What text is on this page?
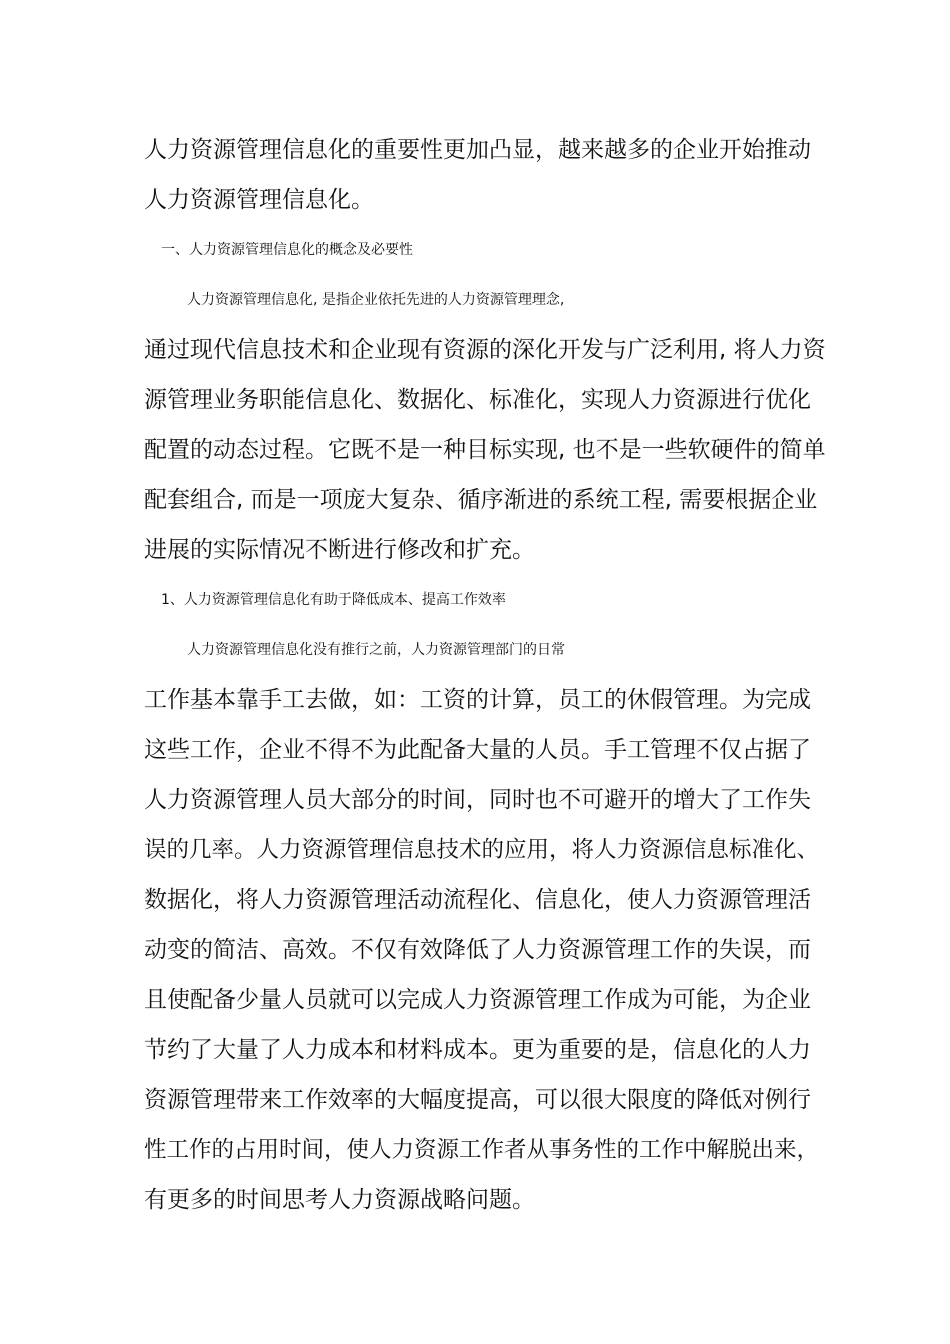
人力资源管理信息化的重要性更加凸显，越来越多的企业开始推动
人力资源管理信息化。
一、人力资源管理信息化的概念及必要性
人力资源管理信息化, 是指企业依托先进的人力资源管理理念,
通过现代信息技术和企业现有资源的深化开发与广泛利用, 将人力资
源管理业务职能信息化、数据化、标准化，实现人力资源进行优化
配置的动态过程。它既不是一种目标实现, 也不是一些软硬件的简单
配套组合, 而是一项庞大复杂、循序渐进的系统工程, 需要根据企业
进展的实际情况不断进行修改和扩充。
1、人力资源管理信息化有助于降低成本、提高工作效率
人力资源管理信息化没有推行之前，人力资源管理部门的日常
工作基本靠手工去做，如：工资的计算，员工的休假管理。为完成
这些工作，企业不得不为此配备大量的人员。手工管理不仅占据了
人力资源管理人员大部分的时间，同时也不可避开的增大了工作失
误的几率。人力资源管理信息技术的应用，将人力资源信息标准化、
数据化，将人力资源管理活动流程化、信息化，使人力资源管理活
动变的简洁、高效。不仅有效降低了人力资源管理工作的失误，而
且使配备少量人员就可以完成人力资源管理工作成为可能，为企业
节约了大量了人力成本和材料成本。更为重要的是，信息化的人力
资源管理带来工作效率的大幅度提高，可以很大限度的降低对例行
性工作的占用时间，使人力资源工作者从事务性的工作中解脱出来，
有更多的时间思考人力资源战略问题。
